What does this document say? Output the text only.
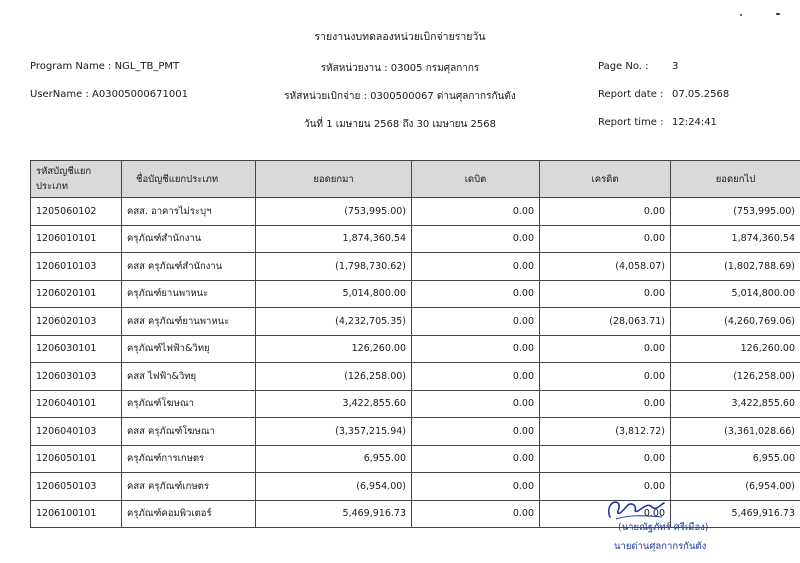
รายงานงบทดลองหน่วยเบิกจ่ายรายวัน
Program Name : NGL_TB_PMT	รหัสหน่วยงาน : 03005 กรมศุลกากร	Page No. : 3
UserName : A03005000671001	รหัสหน่วยเบิกจ่าย : 0300500067 ด่านศุลกากรกันตัง	Report date : 07.05.2568
วันที่ 1 เมษายน 2568 ถึง 30 เมษายน 2568	Report time : 12:24:41
รหัสบัญชีแยกประเภท	ชื่อบัญชีแยกประเภท	ยอดยกมา	เดบิต	เครดิต	ยอดยกไป
1205060102	คสส. อาคารไม่ระบุฯ	(753,995.00)	0.00	0.00	(753,995.00)
1206010101	ครุภัณฑ์สำนักงาน	1,874,360.54	0.00	0.00	1,874,360.54
1206010103	คสส ครุภัณฑ์สำนักงาน	(1,798,730.62)	0.00	(4,058.07)	(1,802,788.69)
1206020101	ครุภัณฑ์ยานพาหนะ	5,014,800.00	0.00	0.00	5,014,800.00
1206020103	คสส ครุภัณฑ์ยานพาหนะ	(4,232,705.35)	0.00	(28,063.71)	(4,260,769.06)
1206030101	ครุภัณฑ์ไฟฟ้า&วิทยุ	126,260.00	0.00	0.00	126,260.00
1206030103	คสส ไฟฟ้า&วิทยุ	(126,258.00)	0.00	0.00	(126,258.00)
1206040101	ครุภัณฑ์โฆษณา	3,422,855.60	0.00	0.00	3,422,855.60
1206040103	คสส ครุภัณฑ์โฆษณา	(3,357,215.94)	0.00	(3,812.72)	(3,361,028.66)
1206050101	ครุภัณฑ์การเกษตร	6,955.00	0.00	0.00	6,955.00
1206050103	คสส ครุภัณฑ์เกษตร	(6,954.00)	0.00	0.00	(6,954.00)
1206100101	ครุภัณฑ์คอมพิวเตอร์	5,469,916.73	0.00	0.00	5,469,916.73
(นายณัฐภัทร์ ศรีเมือง)
นายด่านศุลกากรกันตัง
